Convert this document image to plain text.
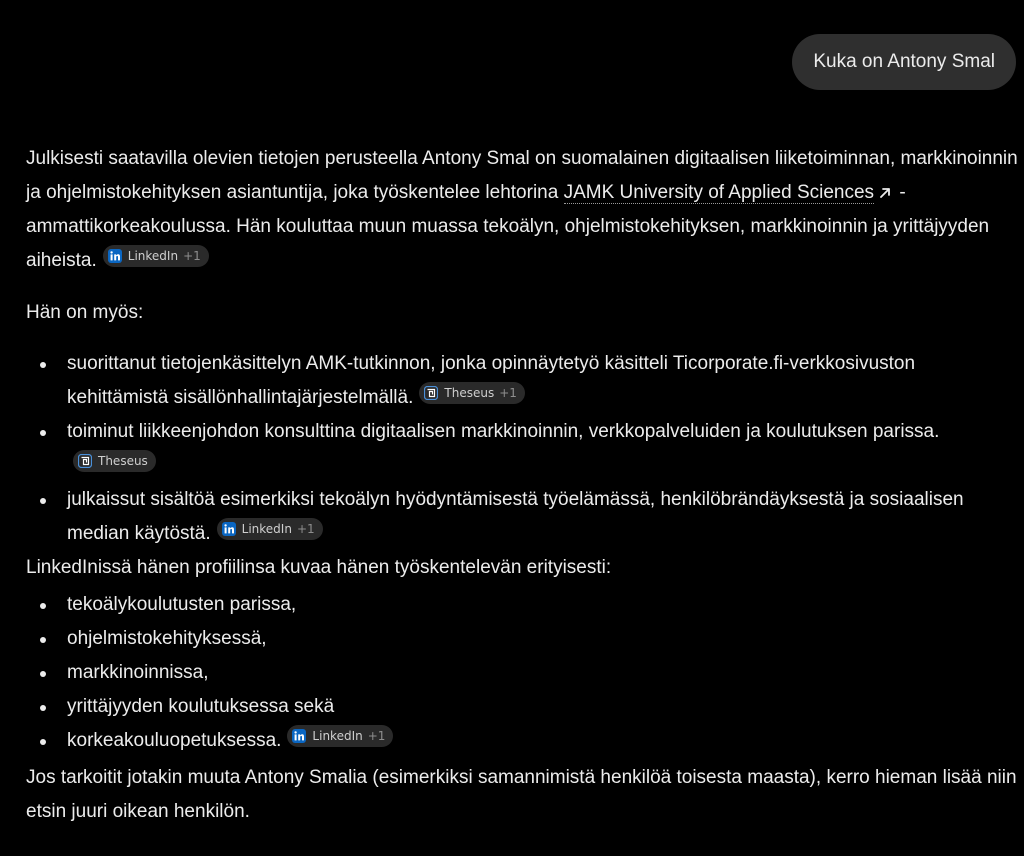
Kuka on Antony Smal

Julkisesti saatavilla olevien tietojen perusteella Antony Smal on suomalainen digitaalisen liiketoiminnan, markkinoinnin ja ohjelmistokehityksen asiantuntija, joka työskentelee lehtorina JAMK University of Applied Sciences -ammattikorkeakoulussa. Hän kouluttaa muun muassa tekoälyn, ohjelmistokehityksen, markkinoinnin ja yrittäjyyden aiheista.	LinkedIn +1

Hän on myös:

suorittanut tietojenkäsittelyn AMK-tutkinnon, jonka opinnäytetyö käsitteli Ticorporate.fi-verkkosivuston kehittämistä sisällönhallintajärjestelmällä.	Theseus +1
toiminut liikkeenjohdon konsulttina digitaalisen markkinoinnin, verkkopalveluiden ja koulutuksen parissa.
Theseus
julkaissut sisältöä esimerkiksi tekoälyn hyödyntämisestä työelämässä, henkilöbrändäyksestä ja sosiaalisen median käytöstä.	LinkedIn +1

LinkedInissä hänen profiilinsa kuvaa hänen työskentelevän erityisesti:

tekoälykoulutusten parissa,
ohjelmistokehityksessä,
markkinoinnissa,
yrittäjyyden koulutuksessa sekä
korkeakouluopetuksessa.	LinkedIn +1

Jos tarkoitit jotakin muuta Antony Smalia (esimerkiksi samannimistä henkilöä toisesta maasta), kerro hieman lisää niin etsin juuri oikean henkilön.
